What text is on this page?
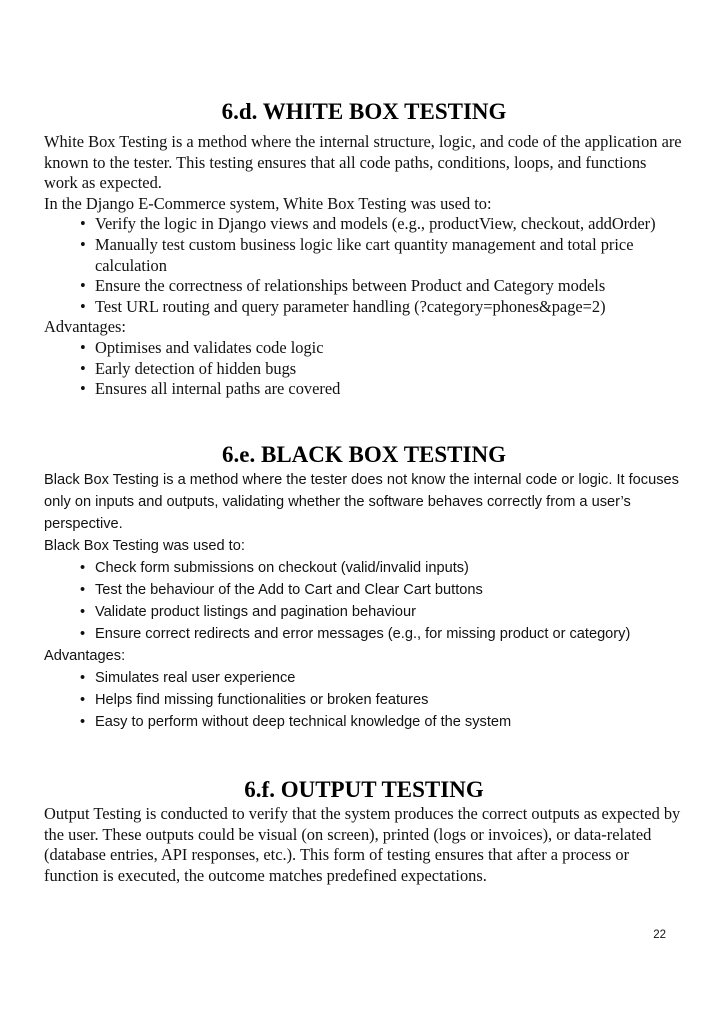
6.d. WHITE BOX TESTING

White Box Testing is a method where the internal structure, logic, and code of the application are known to the tester. This testing ensures that all code paths, conditions, loops, and functions work as expected.

In the Django E-Commerce system, White Box Testing was used to:

• Verify the logic in Django views and models (e.g., productView, checkout, addOrder)
• Manually test custom business logic like cart quantity management and total price calculation
• Ensure the correctness of relationships between Product and Category models
• Test URL routing and query parameter handling (?category=phones&page=2)

Advantages:

• Optimises and validates code logic
• Early detection of hidden bugs
• Ensures all internal paths are covered
6.e. BLACK BOX TESTING

Black Box Testing is a method where the tester does not know the internal code or logic. It focuses only on inputs and outputs, validating whether the software behaves correctly from a user’s perspective.

Black Box Testing was used to:

• Check form submissions on checkout (valid/invalid inputs)
• Test the behaviour of the Add to Cart and Clear Cart buttons
• Validate product listings and pagination behaviour
• Ensure correct redirects and error messages (e.g., for missing product or category)

Advantages:

• Simulates real user experience
• Helps find missing functionalities or broken features
• Easy to perform without deep technical knowledge of the system
6.f. OUTPUT TESTING

Output Testing is conducted to verify that the system produces the correct outputs as expected by the user. These outputs could be visual (on screen), printed (logs or invoices), or data-related (database entries, API responses, etc.). This form of testing ensures that after a process or function is executed, the outcome matches predefined expectations.

22
